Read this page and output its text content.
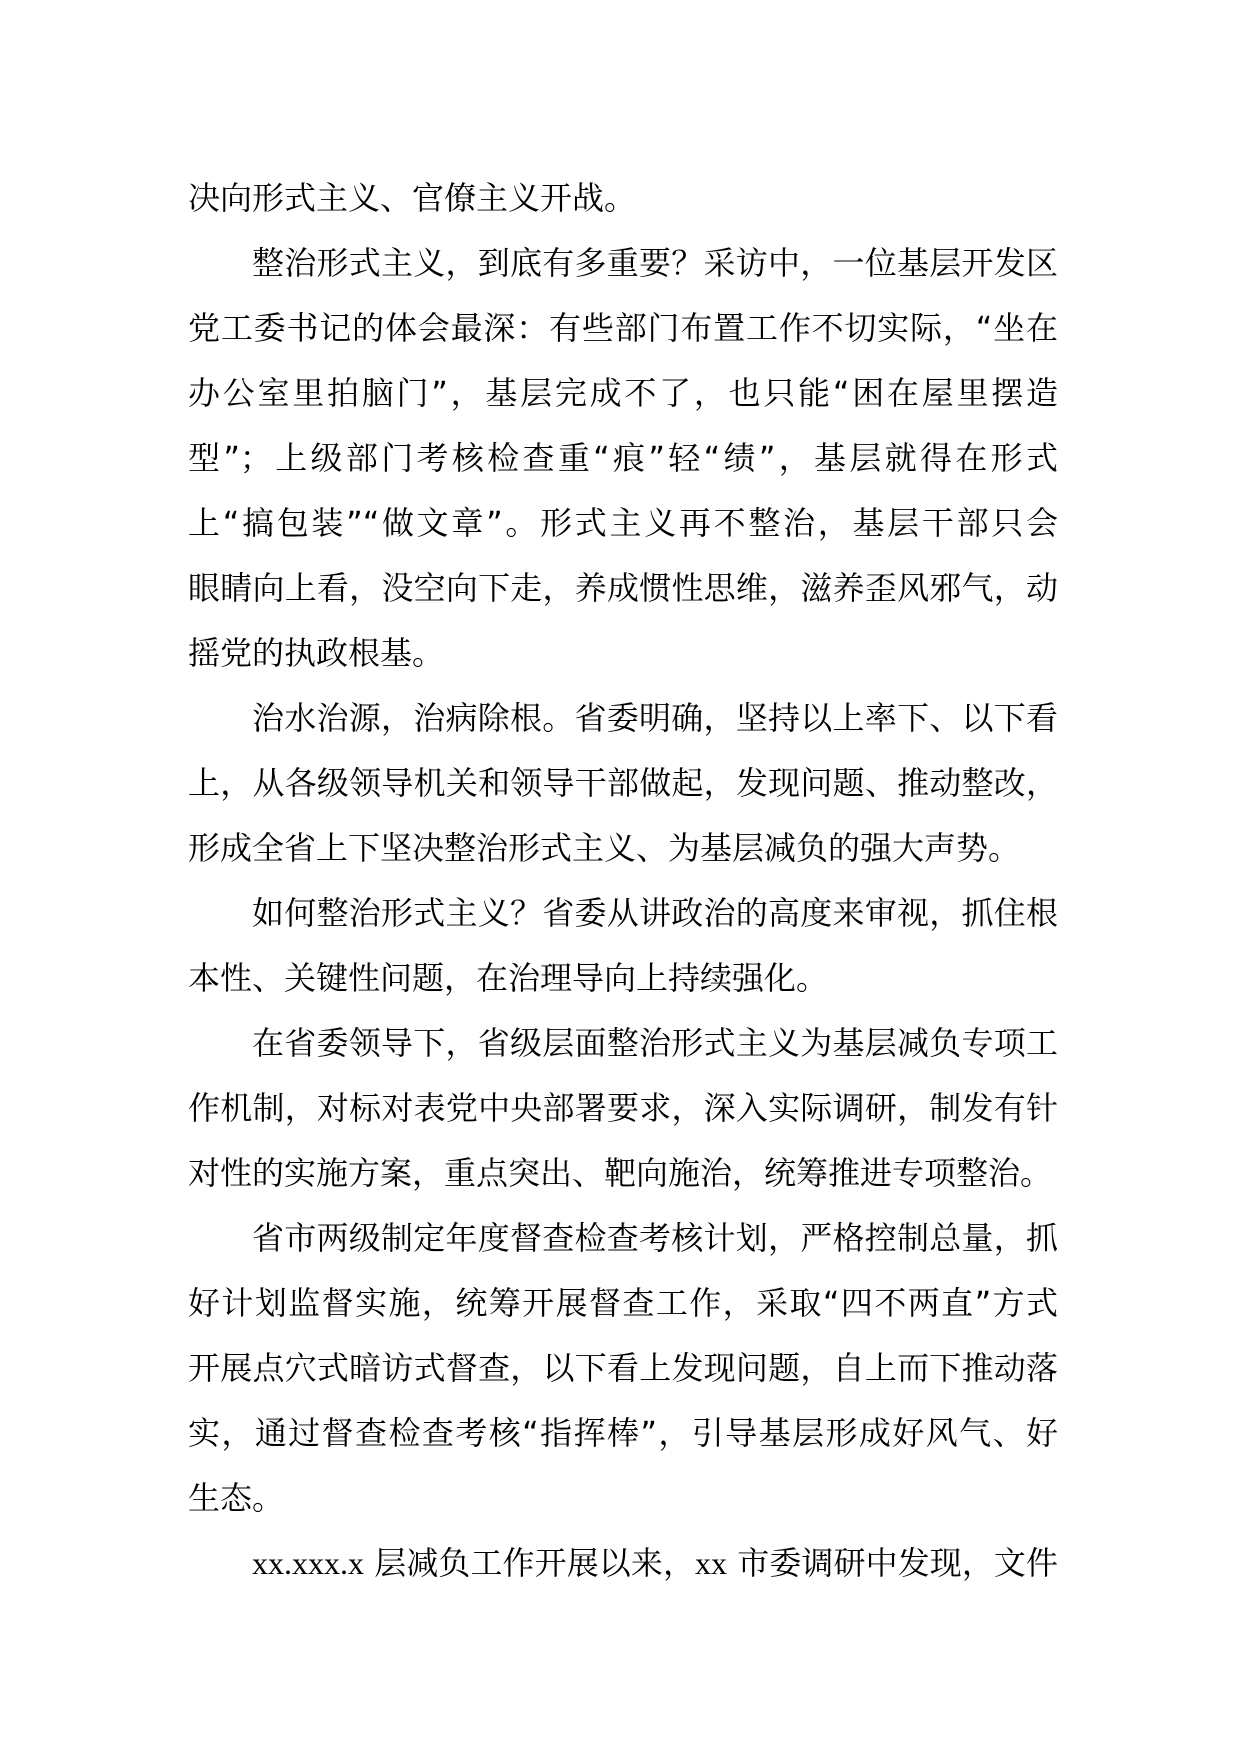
决向形式主义、官僚主义开战。
整治形式主义，到底有多重要？采访中，一位基层开发区
党工委书记的体会最深：有些部门布置工作不切实际，“坐在
办公室里拍脑门”，基层完成不了，也只能“困在屋里摆造
型”；上级部门考核检查重“痕”轻“绩”，基层就得在形式
上“搞包装”“做文章”。形式主义再不整治，基层干部只会
眼睛向上看，没空向下走，养成惯性思维，滋养歪风邪气，动
摇党的执政根基。
治水治源，治病除根。省委明确，坚持以上率下、以下看
上，从各级领导机关和领导干部做起，发现问题、推动整改，
形成全省上下坚决整治形式主义、为基层减负的强大声势。
如何整治形式主义？省委从讲政治的高度来审视，抓住根
本性、关键性问题，在治理导向上持续强化。
在省委领导下，省级层面整治形式主义为基层减负专项工
作机制，对标对表党中央部署要求，深入实际调研，制发有针
对性的实施方案，重点突出、靶向施治，统筹推进专项整治。
省市两级制定年度督查检查考核计划，严格控制总量，抓
好计划监督实施，统筹开展督查工作，采取“四不两直”方式
开展点穴式暗访式督查，以下看上发现问题，自上而下推动落
实，通过督查检查考核“指挥棒”，引导基层形成好风气、好
生态。
xx.xxx.x 层减负工作开展以来，xx 市委调研中发现，文件
